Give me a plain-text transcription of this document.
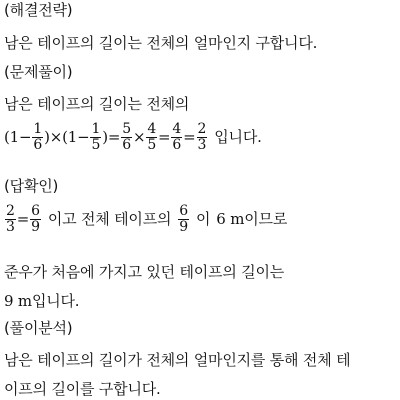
(해결전략)
남은 테이프의 길이는 전체의 얼마인지 구합니다.
(문제풀이)
남은 테이프의 길이는 전체의
$(1- \frac{1}{6} )\times(1- \frac{1}{5}$ )= $\frac{5}{6} \times \frac{4}{5} = \frac{4}{6} = \frac{2}{3}$ 입니다.
(답확인)
$\frac{2}{3} = \frac{6}{9}$ 이고 전체 테이프의 $\frac{6}{9}$ 이 6 m이므로
준우가 처음에 가지고 있던 테이프의 길이는
9 m입니다.
(풀이분석)
남은 테이프의 길이가 전체의 얼마인지를 통해 전체 테
이프의 길이를 구합니다.
